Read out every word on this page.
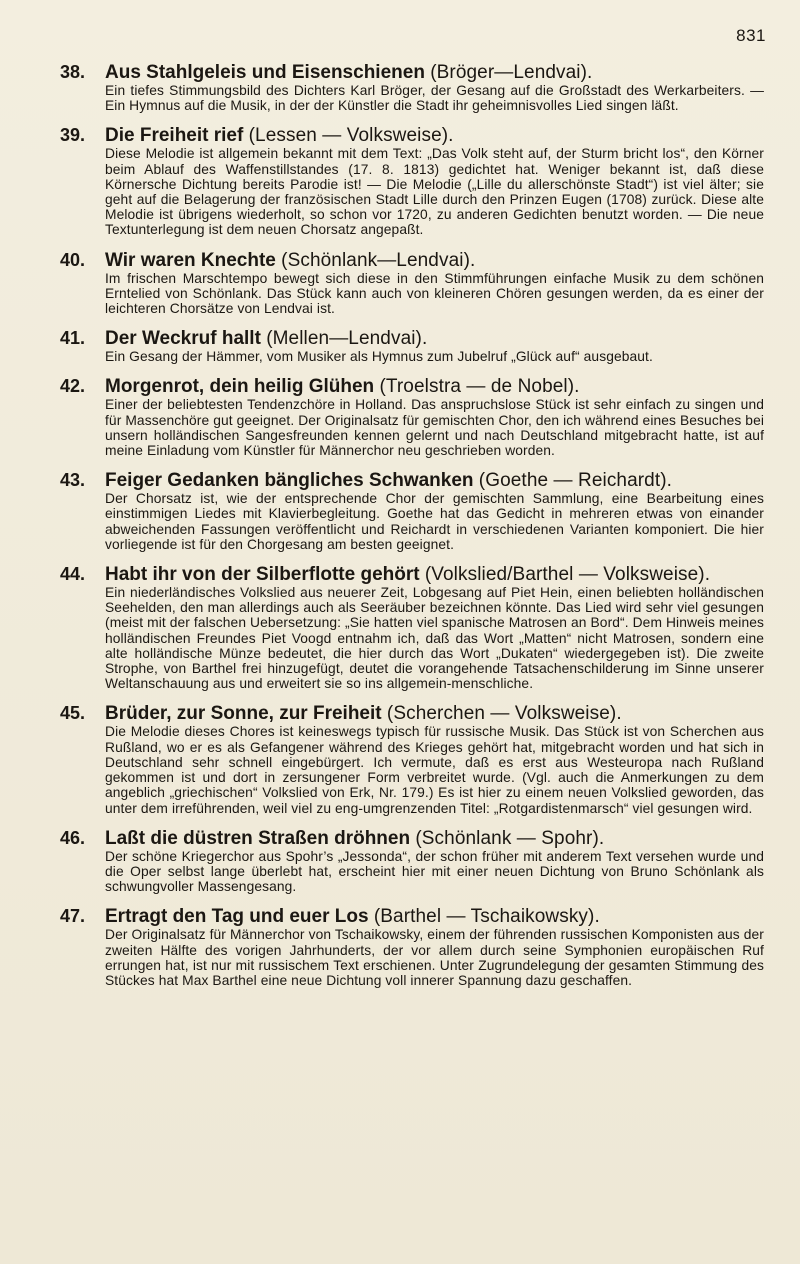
831
38.	Aus Stahlgeleis und Eisenschienen (Bröger—Lendvai).
Ein tiefes Stimmungsbild des Dichters Karl Bröger, der Gesang auf die Großstadt des Werkarbeiters. — Ein Hymnus auf die Musik, in der der Künstler die Stadt ihr geheimnisvolles Lied singen läßt.
39.	Die Freiheit rief (Lessen — Volksweise).
Diese Melodie ist allgemein bekannt mit dem Text: „Das Volk steht auf, der Sturm bricht los“, den Körner beim Ablauf des Waffenstillstandes (17. 8. 1813) gedichtet hat. Weniger bekannt ist, daß diese Körnersche Dichtung bereits Parodie ist! — Die Melodie („Lille du allerschönste Stadt“) ist viel älter; sie geht auf die Belagerung der französischen Stadt Lille durch den Prinzen Eugen (1708) zurück. Diese alte Melodie ist übrigens wiederholt, so schon vor 1720, zu anderen Gedichten benutzt worden. — Die neue Textunterlegung ist dem neuen Chorsatz angepaßt.
40.	Wir waren Knechte (Schönlank—Lendvai).
Im frischen Marschtempo bewegt sich diese in den Stimmführungen einfache Musik zu dem schönen Erntelied von Schönlank. Das Stück kann auch von kleineren Chören gesungen werden, da es einer der leichteren Chorsätze von Lendvai ist.
41.	Der Weckruf hallt (Mellen—Lendvai).
Ein Gesang der Hämmer, vom Musiker als Hymnus zum Jubelruf „Glück auf“ ausgebaut.
42.	Morgenrot, dein heilig Glühen (Troelstra — de Nobel).
Einer der beliebtesten Tendenzchöre in Holland. Das anspruchslose Stück ist sehr einfach zu singen und für Massenchöre gut geeignet. Der Originalsatz für gemischten Chor, den ich während eines Besuches bei unsern holländischen Sangesfreunden kennen gelernt und nach Deutschland mitgebracht hatte, ist auf meine Einladung vom Künstler für Männerchor neu geschrieben worden.
43.	Feiger Gedanken bängliches Schwanken (Goethe — Reichardt).
Der Chorsatz ist, wie der entsprechende Chor der gemischten Sammlung, eine Bearbeitung eines einstimmigen Liedes mit Klavierbegleitung. Goethe hat das Gedicht in mehreren etwas von einander abweichenden Fassungen veröffentlicht und Reichardt in verschiedenen Varianten komponiert. Die hier vorliegende ist für den Chorgesang am besten geeignet.
44.	Habt ihr von der Silberflotte gehört (Volkslied/Barthel — Volksweise).
Ein niederländisches Volkslied aus neuerer Zeit, Lobgesang auf Piet Hein, einen beliebten holländischen Seehelden, den man allerdings auch als Seeräuber bezeichnen könnte. Das Lied wird sehr viel gesungen (meist mit der falschen Uebersetzung: „Sie hatten viel spanische Matrosen an Bord“. Dem Hinweis meines holländischen Freundes Piet Voogd entnahm ich, daß das Wort „Matten“ nicht Matrosen, sondern eine alte holländische Münze bedeutet, die hier durch das Wort „Dukaten“ wiedergegeben ist). Die zweite Strophe, von Barthel frei hinzugefügt, deutet die vorangehende Tatsachenschilderung im Sinne unserer Weltanschauung aus und erweitert sie so ins allgemein-menschliche.
45.	Brüder, zur Sonne, zur Freiheit (Scherchen — Volksweise).
Die Melodie dieses Chores ist keineswegs typisch für russische Musik. Das Stück ist von Scherchen aus Rußland, wo er es als Gefangener während des Krieges gehört hat, mitgebracht worden und hat sich in Deutschland sehr schnell eingebürgert. Ich vermute, daß es erst aus Westeuropa nach Rußland gekommen ist und dort in zersungener Form verbreitet wurde. (Vgl. auch die Anmerkungen zu dem angeblich „griechischen“ Volkslied von Erk, Nr. 179.) Es ist hier zu einem neuen Volkslied geworden, das unter dem irreführenden, weil viel zu eng-umgrenzenden Titel: „Rotgardistenmarsch“ viel gesungen wird.
46.	Laßt die düstren Straßen dröhnen (Schönlank — Spohr).
Der schöne Kriegerchor aus Spohr’s „Jessonda“, der schon früher mit anderem Text versehen wurde und die Oper selbst lange überlebt hat, erscheint hier mit einer neuen Dichtung von Bruno Schönlank als schwungvoller Massengesang.
47.	Ertragt den Tag und euer Los (Barthel — Tschaikowsky).
Der Originalsatz für Männerchor von Tschaikowsky, einem der führenden russischen Komponisten aus der zweiten Hälfte des vorigen Jahrhunderts, der vor allem durch seine Symphonien europäischen Ruf errungen hat, ist nur mit russischem Text erschienen. Unter Zugrundelegung der gesamten Stimmung des Stückes hat Max Barthel eine neue Dichtung voll innerer Spannung dazu geschaffen.
